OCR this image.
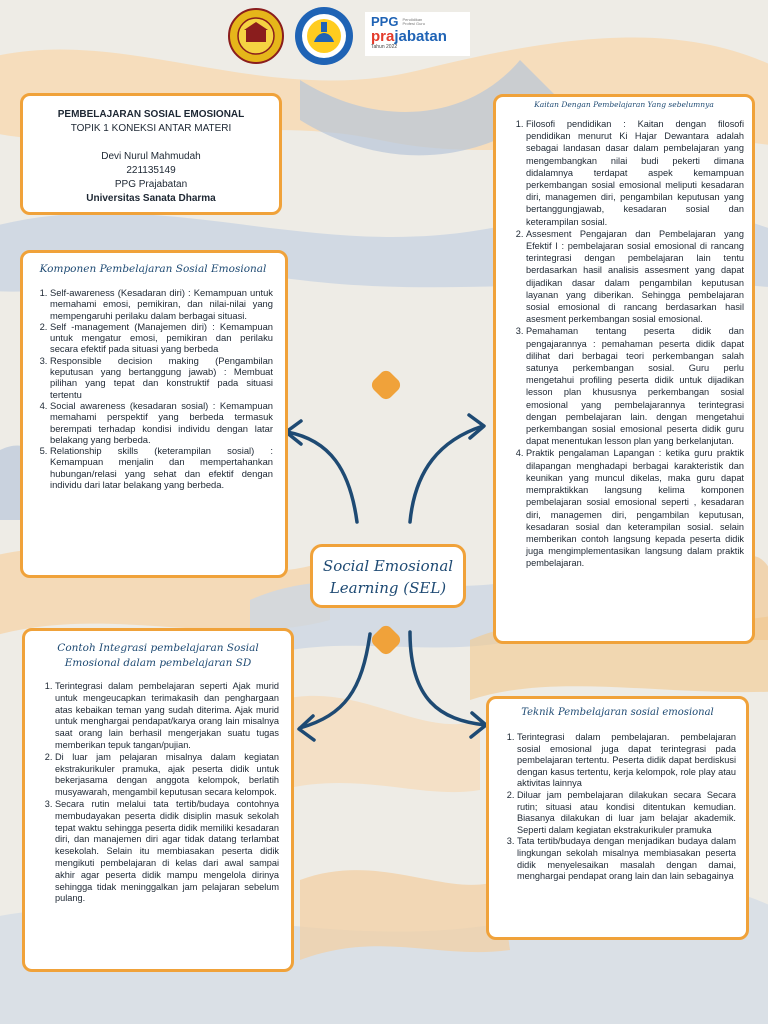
PPG Pendidikan Profesi Guru
prajabatan
Tahun 2022
PEMBELAJARAN SOSIAL EMOSIONAL
TOPIK 1 KONEKSI ANTAR MATERI
Devi Nurul Mahmudah
221135149
PPG Prajabatan
Universitas Sanata Dharma
Komponen Pembelajaran Sosial Emosional
1. Self-awareness (Kesadaran diri) : Kemampuan untuk memahami emosi, pemikiran, dan nilai-nilai yang mempengaruhi perilaku dalam berbagai situasi.
2. Self -management (Manajemen diri) : Kemampuan untuk mengatur emosi, pemikiran dan perilaku secara efektif pada situasi yang berbeda
3. Responsible decision making (Pengambilan keputusan yang bertanggung jawab) : Membuat pilihan yang tepat dan konstruktif pada situasi tertentu
4. Social awareness (kesadaran sosial) : Kemampuan memahami perspektif yang berbeda termasuk berempati terhadap kondisi individu dengan latar belakang yang berbeda.
5. Relationship skills (keterampilan sosial) : Kemampuan menjalin dan mempertahankan hubungan/relasi yang sehat dan efektif dengan individu dari latar belakang yang berbeda.
Kaitan Dengan Pembelajaran Yang sebelumnya
1. Filosofi pendidikan : Kaitan dengan filosofi pendidikan menurut Ki Hajar Dewantara adalah sebagai landasan dasar dalam pembelajaran yang mengembangkan nilai budi pekerti dimana didalamnya terdapat aspek kemampuan perkembangan sosial emosional meliputi kesadaran diri, managemen diri, pengambilan keputusan yang bertanggungjawab, kesadaran sosial dan keterampilan sosial.
2. Assesment Pengajaran dan Pembelajaran yang Efektif I : pembelajaran sosial emosional di rancang terintegrasi dengan pembelajaran lain tentu berdasarkan hasil analisis assesment yang dapat dijadikan dasar dalam pengambilan keputusan layanan yang diberikan. Sehingga pembelajaran sosial emosional di rancang berdasarkan hasil asesment perkembangan sosial emosional.
3. Pemahaman tentang peserta didik dan pengajarannya : pemahaman peserta didik dapat dilihat dari berbagai teori perkembangan salah satunya perkembangan sosial. Guru perlu mengetahui profiling peserta didik untuk dijadikan lesson plan khususnya perkembangan sosial emosional yang pembelajarannya terintegrasi dengan pembelajaran lain. dengan mengetahui perkembangan sosial emosional peserta didik guru dapat menentukan lesson plan yang berkelanjutan.
4. Praktik pengalaman Lapangan : ketika guru praktik dilapangan menghadapi berbagai karakteristik dan keunikan yang muncul dikelas, maka guru dapat mempraktikkan langsung kelima komponen pembelajaran sosial emosional seperti , kesadaran diri, managemen diri, pengambilan keputusan, kesadaran sosial dan keterampilan sosial. selain memberikan contoh langsung kepada peserta didik juga mengimplementasikan langsung dalam praktik pembelajaran.
Social Emosional
Learning (SEL)
Contoh Integrasi pembelajaran Sosial
Emosional dalam pembelajaran SD
1. Terintegrasi dalam pembelajaran seperti Ajak murid untuk mengeucapkan terimakasih dan penghargaan atas kebaikan teman yang sudah diterima. Ajak murid untuk menghargai pendapat/karya orang lain misalnya saat orang lain berhasil mengerjakan suatu tugas memberikan tepuk tangan/pujian.
2. Di luar jam pelajaran misalnya dalam kegiatan ekstrakurikuler pramuka, ajak peserta didik untuk bekerjasama dengan anggota kelompok, berlatih musyawarah, mengambil keputusan secara kelompok.
3. Secara rutin melalui tata tertib/budaya contohnya membudayakan peserta didik disiplin masuk sekolah tepat waktu sehingga peserta didik memiliki kesadaran diri, dan manajemen diri agar tidak datang terlambat kesekolah. Selain itu membiasakan peserta didik mengikuti pembelajaran di kelas dari awal sampai akhir agar peserta didik mampu mengelola dirinya sehingga tidak meninggalkan jam pelajaran sebelum pulang.
Teknik Pembelajaran sosial emosional
1. Terintegrasi dalam pembelajaran. pembelajaran sosial emosional juga dapat terintegrasi pada pembelajaran tertentu. Peserta didik dapat berdiskusi dengan kasus tertentu, kerja kelompok, role play atau aktivitas lainnya
2. Diluar jam pembelajaran dilakukan secara Secara rutin; situasi atau kondisi ditentukan kemudian. Biasanya dilakukan di luar jam belajar akademik. Seperti dalam kegiatan ekstrakurikuler pramuka
3. Tata tertib/budaya dengan menjadikan budaya dalam lingkungan sekolah misalnya membiasakan peserta didik menyelesaikan masalah dengan damai, menghargai pendapat orang lain dan lain sebagainya
